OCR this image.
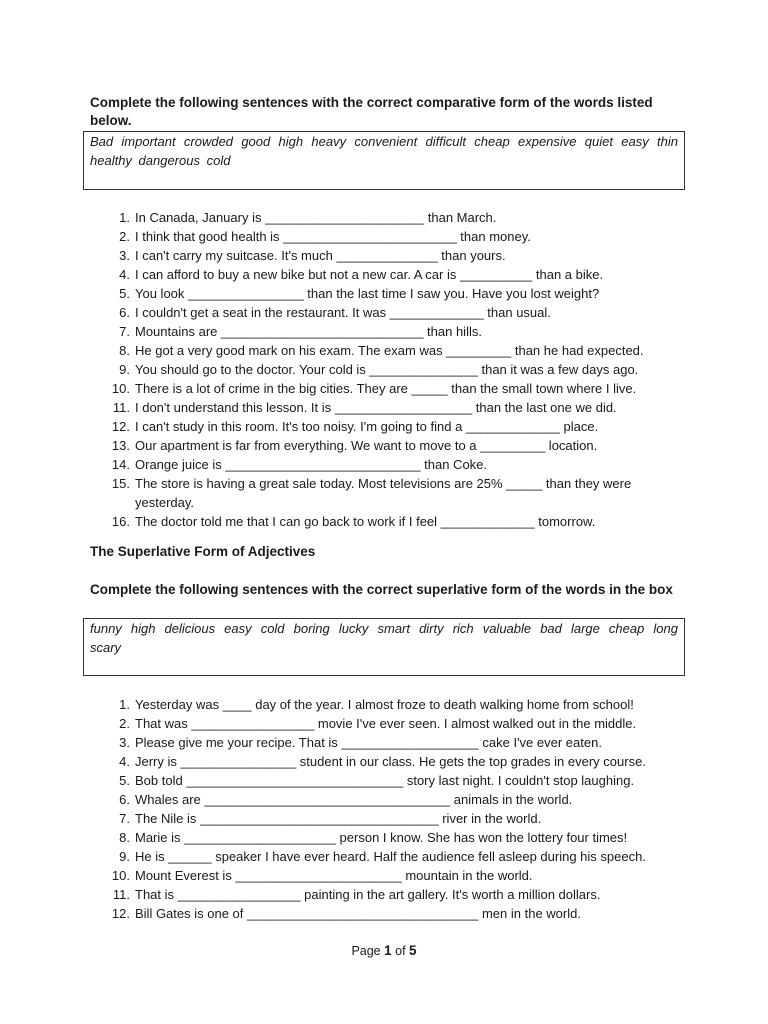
Complete the following sentences with the correct comparative form of the words listed below.
Bad important crowded good high heavy convenient difficult cheap expensive quiet easy thin healthy dangerous cold
1. In Canada, January is ______________________ than March.
2. I think that good health is ________________________ than money.
3. I can't carry my suitcase. It's much ______________ than yours.
4. I can afford to buy a new bike but not a new car. A car is __________ than a bike.
5. You look ________________ than the last time I saw you. Have you lost weight?
6. I couldn't get a seat in the restaurant. It was _____________ than usual.
7. Mountains are ____________________________ than hills.
8. He got a very good mark on his exam. The exam was _________ than he had expected.
9. You should go to the doctor. Your cold is _______________ than it was a few days ago.
10. There is a lot of crime in the big cities. They are _____ than the small town where I live.
11. I don't understand this lesson. It is ___________________ than the last one we did.
12. I can't study in this room. It's too noisy. I'm going to find a _____________ place.
13. Our apartment is far from everything. We want to move to a _________ location.
14. Orange juice is ___________________________ than Coke.
15. The store is having a great sale today. Most televisions are 25% _____ than they were yesterday.
16. The doctor told me that I can go back to work if I feel _____________ tomorrow.
The Superlative Form of Adjectives
Complete the following sentences with the correct superlative form of the words in the box
funny high delicious easy cold boring lucky smart dirty rich valuable bad large cheap long scary
1. Yesterday was ____ day of the year. I almost froze to death walking home from school!
2. That was _________________ movie I've ever seen. I almost walked out in the middle.
3. Please give me your recipe. That is ___________________ cake I've ever eaten.
4. Jerry is ________________ student in our class. He gets the top grades in every course.
5. Bob told ______________________________ story last night. I couldn't stop laughing.
6. Whales are __________________________________ animals in the world.
7. The Nile is _________________________________ river in the world.
8. Marie is _____________________ person I know. She has won the lottery four times!
9. He is ______ speaker I have ever heard. Half the audience fell asleep during his speech.
10. Mount Everest is _______________________ mountain in the world.
11. That is _________________ painting in the art gallery. It's worth a million dollars.
12. Bill Gates is one of ________________________________ men in the world.
Page 1 of 5
